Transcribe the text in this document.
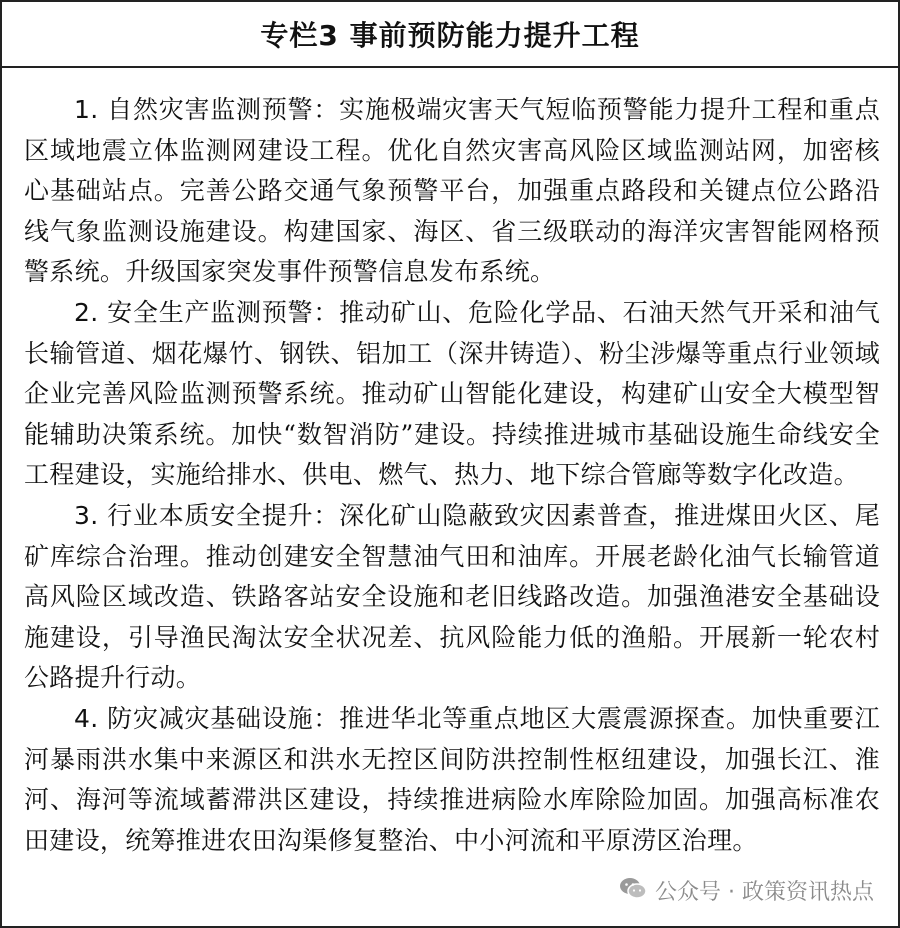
专栏3 事前预防能力提升工程

1. 自然灾害监测预警：实施极端灾害天气短临预警能力提升工程和重点区域地震立体监测网建设工程。优化自然灾害高风险区域监测站网，加密核心基础站点。完善公路交通气象预警平台，加强重点路段和关键点位公路沿线气象监测设施建设。构建国家、海区、省三级联动的海洋灾害智能网格预警系统。升级国家突发事件预警信息发布系统。

2. 安全生产监测预警：推动矿山、危险化学品、石油天然气开采和油气长输管道、烟花爆竹、钢铁、铝加工（深井铸造）、粉尘涉爆等重点行业领域企业完善风险监测预警系统。推动矿山智能化建设，构建矿山安全大模型智能辅助决策系统。加快“数智消防”建设。持续推进城市基础设施生命线安全工程建设，实施给排水、供电、燃气、热力、地下综合管廊等数字化改造。

3. 行业本质安全提升：深化矿山隐蔽致灾因素普查，推进煤田火区、尾矿库综合治理。推动创建安全智慧油气田和油库。开展老龄化油气长输管道高风险区域改造、铁路客站安全设施和老旧线路改造。加强渔港安全基础设施建设，引导渔民淘汰安全状况差、抗风险能力低的渔船。开展新一轮农村公路提升行动。

4. 防灾减灾基础设施：推进华北等重点地区大震震源探查。加快重要江河暴雨洪水集中来源区和洪水无控区间防洪控制性枢纽建设，加强长江、淮河、海河等流域蓄滞洪区建设，持续推进病险水库除险加固。加强高标准农田建设，统筹推进农田沟渠修复整治、中小河流和平原涝区治理。

公众号 · 政策资讯热点
